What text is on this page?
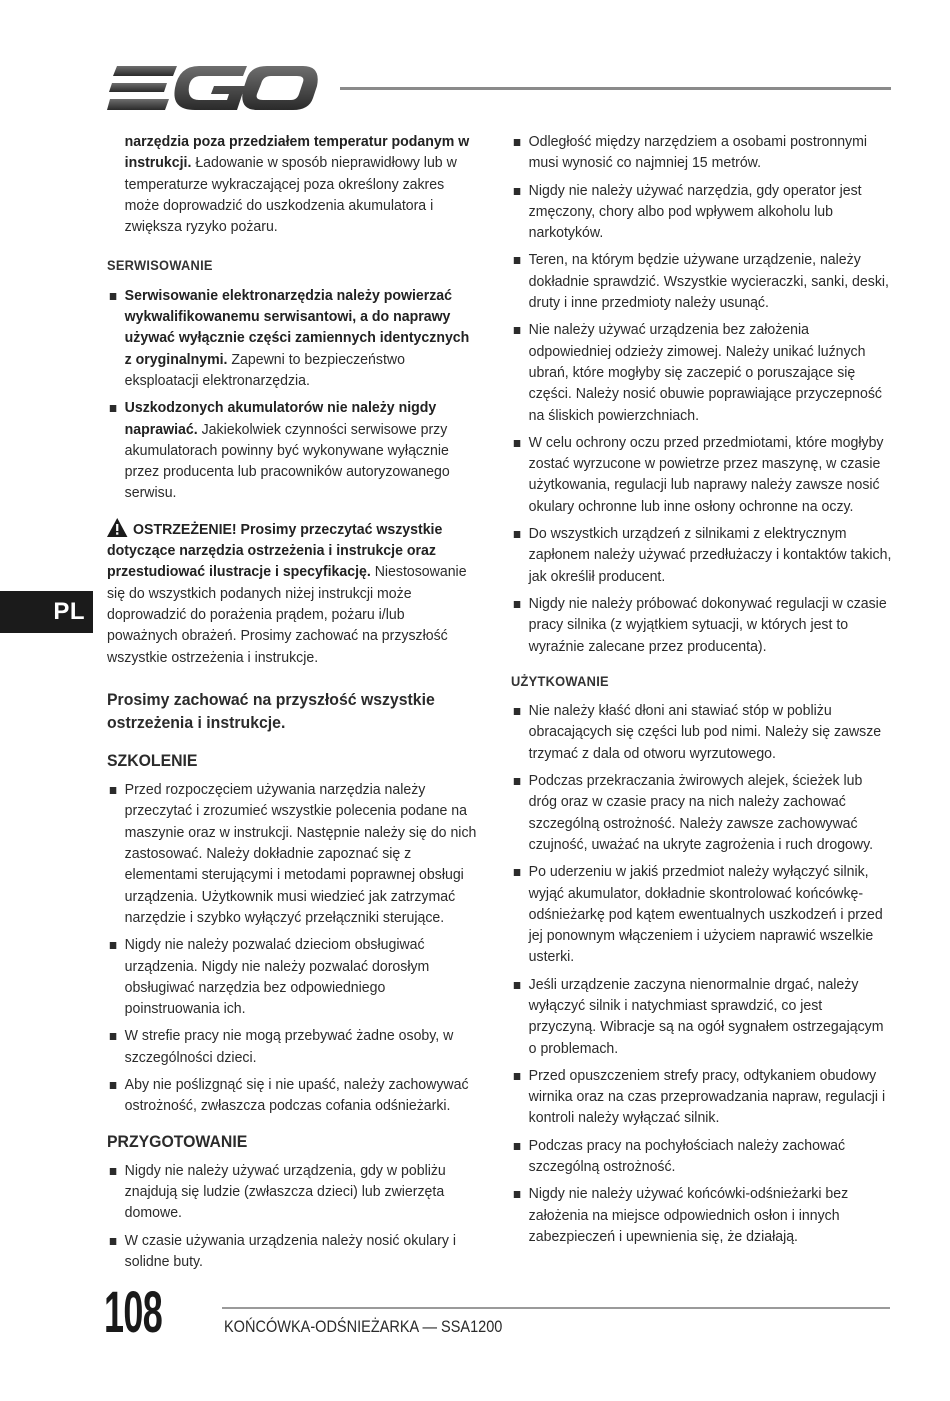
PL

narzędzia poza przedziałem temperatur podanym w instrukcji. Ładowanie w sposób nieprawidłowy lub w temperaturze wykraczającej poza określony zakres może doprowadzić do uszkodzenia akumulatora i zwiększa ryzyko pożaru.

SERWISOWANIE
Serwisowanie elektronarzędzia należy powierzać wykwalifikowanemu serwisantowi, a do naprawy używać wyłącznie części zamiennych identycznych z oryginalnymi. Zapewni to bezpieczeństwo eksploatacji elektronarzędzia.
Uszkodzonych akumulatorów nie należy nigdy naprawiać. Jakiekolwiek czynności serwisowe przy akumulatorach powinny być wykonywane wyłącznie przez producenta lub pracowników autoryzowanego serwisu.

OSTRZEŻENIE! Prosimy przeczytać wszystkie dotyczące narzędzia ostrzeżenia i instrukcje oraz przestudiować ilustracje i specyfikację. Niestosowanie się do wszystkich podanych niżej instrukcji może doprowadzić do porażenia prądem, pożaru i/lub poważnych obrażeń. Prosimy zachować na przyszłość wszystkie ostrzeżenia i instrukcje.

Prosimy zachować na przyszłość wszystkie ostrzeżenia i instrukcje.

SZKOLENIE
Przed rozpoczęciem używania narzędzia należy przeczytać i zrozumieć wszystkie polecenia podane na maszynie oraz w instrukcji. Następnie należy się do nich zastosować. Należy dokładnie zapoznać się z elementami sterującymi i metodami poprawnej obsługi urządzenia. Użytkownik musi wiedzieć jak zatrzymać narzędzie i szybko wyłączyć przełączniki sterujące.
Nigdy nie należy pozwalać dzieciom obsługiwać urządzenia. Nigdy nie należy pozwalać dorosłym obsługiwać narzędzia bez odpowiedniego poinstruowania ich.
W strefie pracy nie mogą przebywać żadne osoby, w szczególności dzieci.
Aby nie poślizgnąć się i nie upaść, należy zachowywać ostrożność, zwłaszcza podczas cofania odśnieżarki.
PRZYGOTOWANIE
Nigdy nie należy używać urządzenia, gdy w pobliżu znajdują się ludzie (zwłaszcza dzieci) lub zwierzęta domowe.
W czasie używania urządzenia należy nosić okulary i solidne buty.
Odległość między narzędziem a osobami postronnymi musi wynosić co najmniej 15 metrów.
Nigdy nie należy używać narzędzia, gdy operator jest zmęczony, chory albo pod wpływem alkoholu lub narkotyków.
Teren, na którym będzie używane urządzenie, należy dokładnie sprawdzić. Wszystkie wycieraczki, sanki, deski, druty i inne przedmioty należy usunąć.
Nie należy używać urządzenia bez założenia odpowiedniej odzieży zimowej. Należy unikać luźnych ubrań, które mogłyby się zaczepić o poruszające się części. Należy nosić obuwie poprawiające przyczepność na śliskich powierzchniach.
W celu ochrony oczu przed przedmiotami, które mogłyby zostać wyrzucone w powietrze przez maszynę, w czasie użytkowania, regulacji lub naprawy należy zawsze nosić okulary ochronne lub inne osłony ochronne na oczy.
Do wszystkich urządzeń z silnikami z elektrycznym zapłonem należy używać przedłużaczy i kontaktów takich, jak określił producent.
Nigdy nie należy próbować dokonywać regulacji w czasie pracy silnika (z wyjątkiem sytuacji, w których jest to wyraźnie zalecane przez producenta).
UŻYTKOWANIE
Nie należy kłaść dłoni ani stawiać stóp w pobliżu obracających się części lub pod nimi. Należy się zawsze trzymać z dala od otworu wyrzutowego.
Podczas przekraczania żwirowych alejek, ścieżek lub dróg oraz w czasie pracy na nich należy zachować szczególną ostrożność. Należy zawsze zachowywać czujność, uważać na ukryte zagrożenia i ruch drogowy.
Po uderzeniu w jakiś przedmiot należy wyłączyć silnik, wyjąć akumulator, dokładnie skontrolować końcówkę-odśnieżarkę pod kątem ewentualnych uszkodzeń i przed jej ponownym włączeniem i użyciem naprawić wszelkie usterki.
Jeśli urządzenie zaczyna nienormalnie drgać, należy wyłączyć silnik i natychmiast sprawdzić, co jest przyczyną. Wibracje są na ogół sygnałem ostrzegającym o problemach.
Przed opuszczeniem strefy pracy, odtykaniem obudowy wirnika oraz na czas przeprowadzania napraw, regulacji i kontroli należy wyłączać silnik.
Podczas pracy na pochyłościach należy zachować szczególną ostrożność.
Nigdy nie należy używać końcówki-odśnieżarki bez założenia na miejsce odpowiednich osłon i innych zabezpieczeń i upewnienia się, że działają.
108	KOŃCÓWKA-ODŚNIEŻARKA — SSA1200
